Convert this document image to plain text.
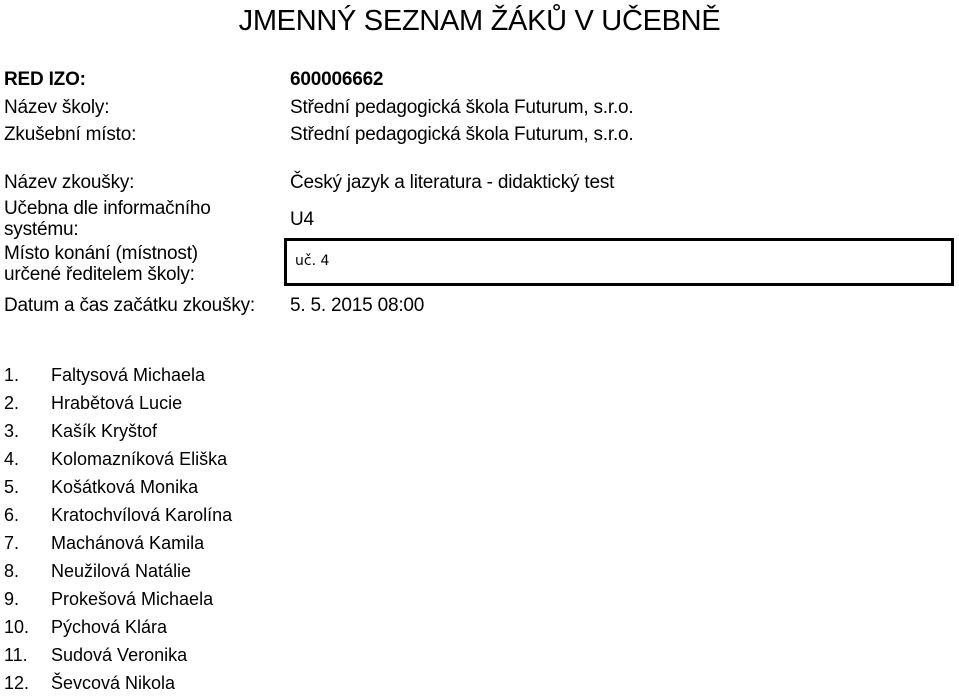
JMENNÝ SEZNAM ŽÁKŮ V UČEBNĚ
RED IZO:	600006662
Název školy:	Střední pedagogická škola Futurum, s.r.o.
Zkušební místo:	Střední pedagogická škola Futurum, s.r.o.
Název zkoušky:	Český jazyk a literatura - didaktický test
Učebna dle informačního
systému:	U4
Místo konání (místnost)
určené ředitelem školy:
uč. 4
Datum a čas začátku zkoušky: 5. 5. 2015 08:00
1.	Faltysová Michaela
2.	Hrabětová Lucie
3.	Kašík Kryštof
4.	Kolomazníková Eliška
5.	Košátková Monika
6.	Kratochvílová Karolína
7.	Machánová Kamila
8.	Neužilová Natálie
9.	Prokešová Michaela
10.	Pýchová Klára
11.	Sudová Veronika
12.	Ševcová Nikola
